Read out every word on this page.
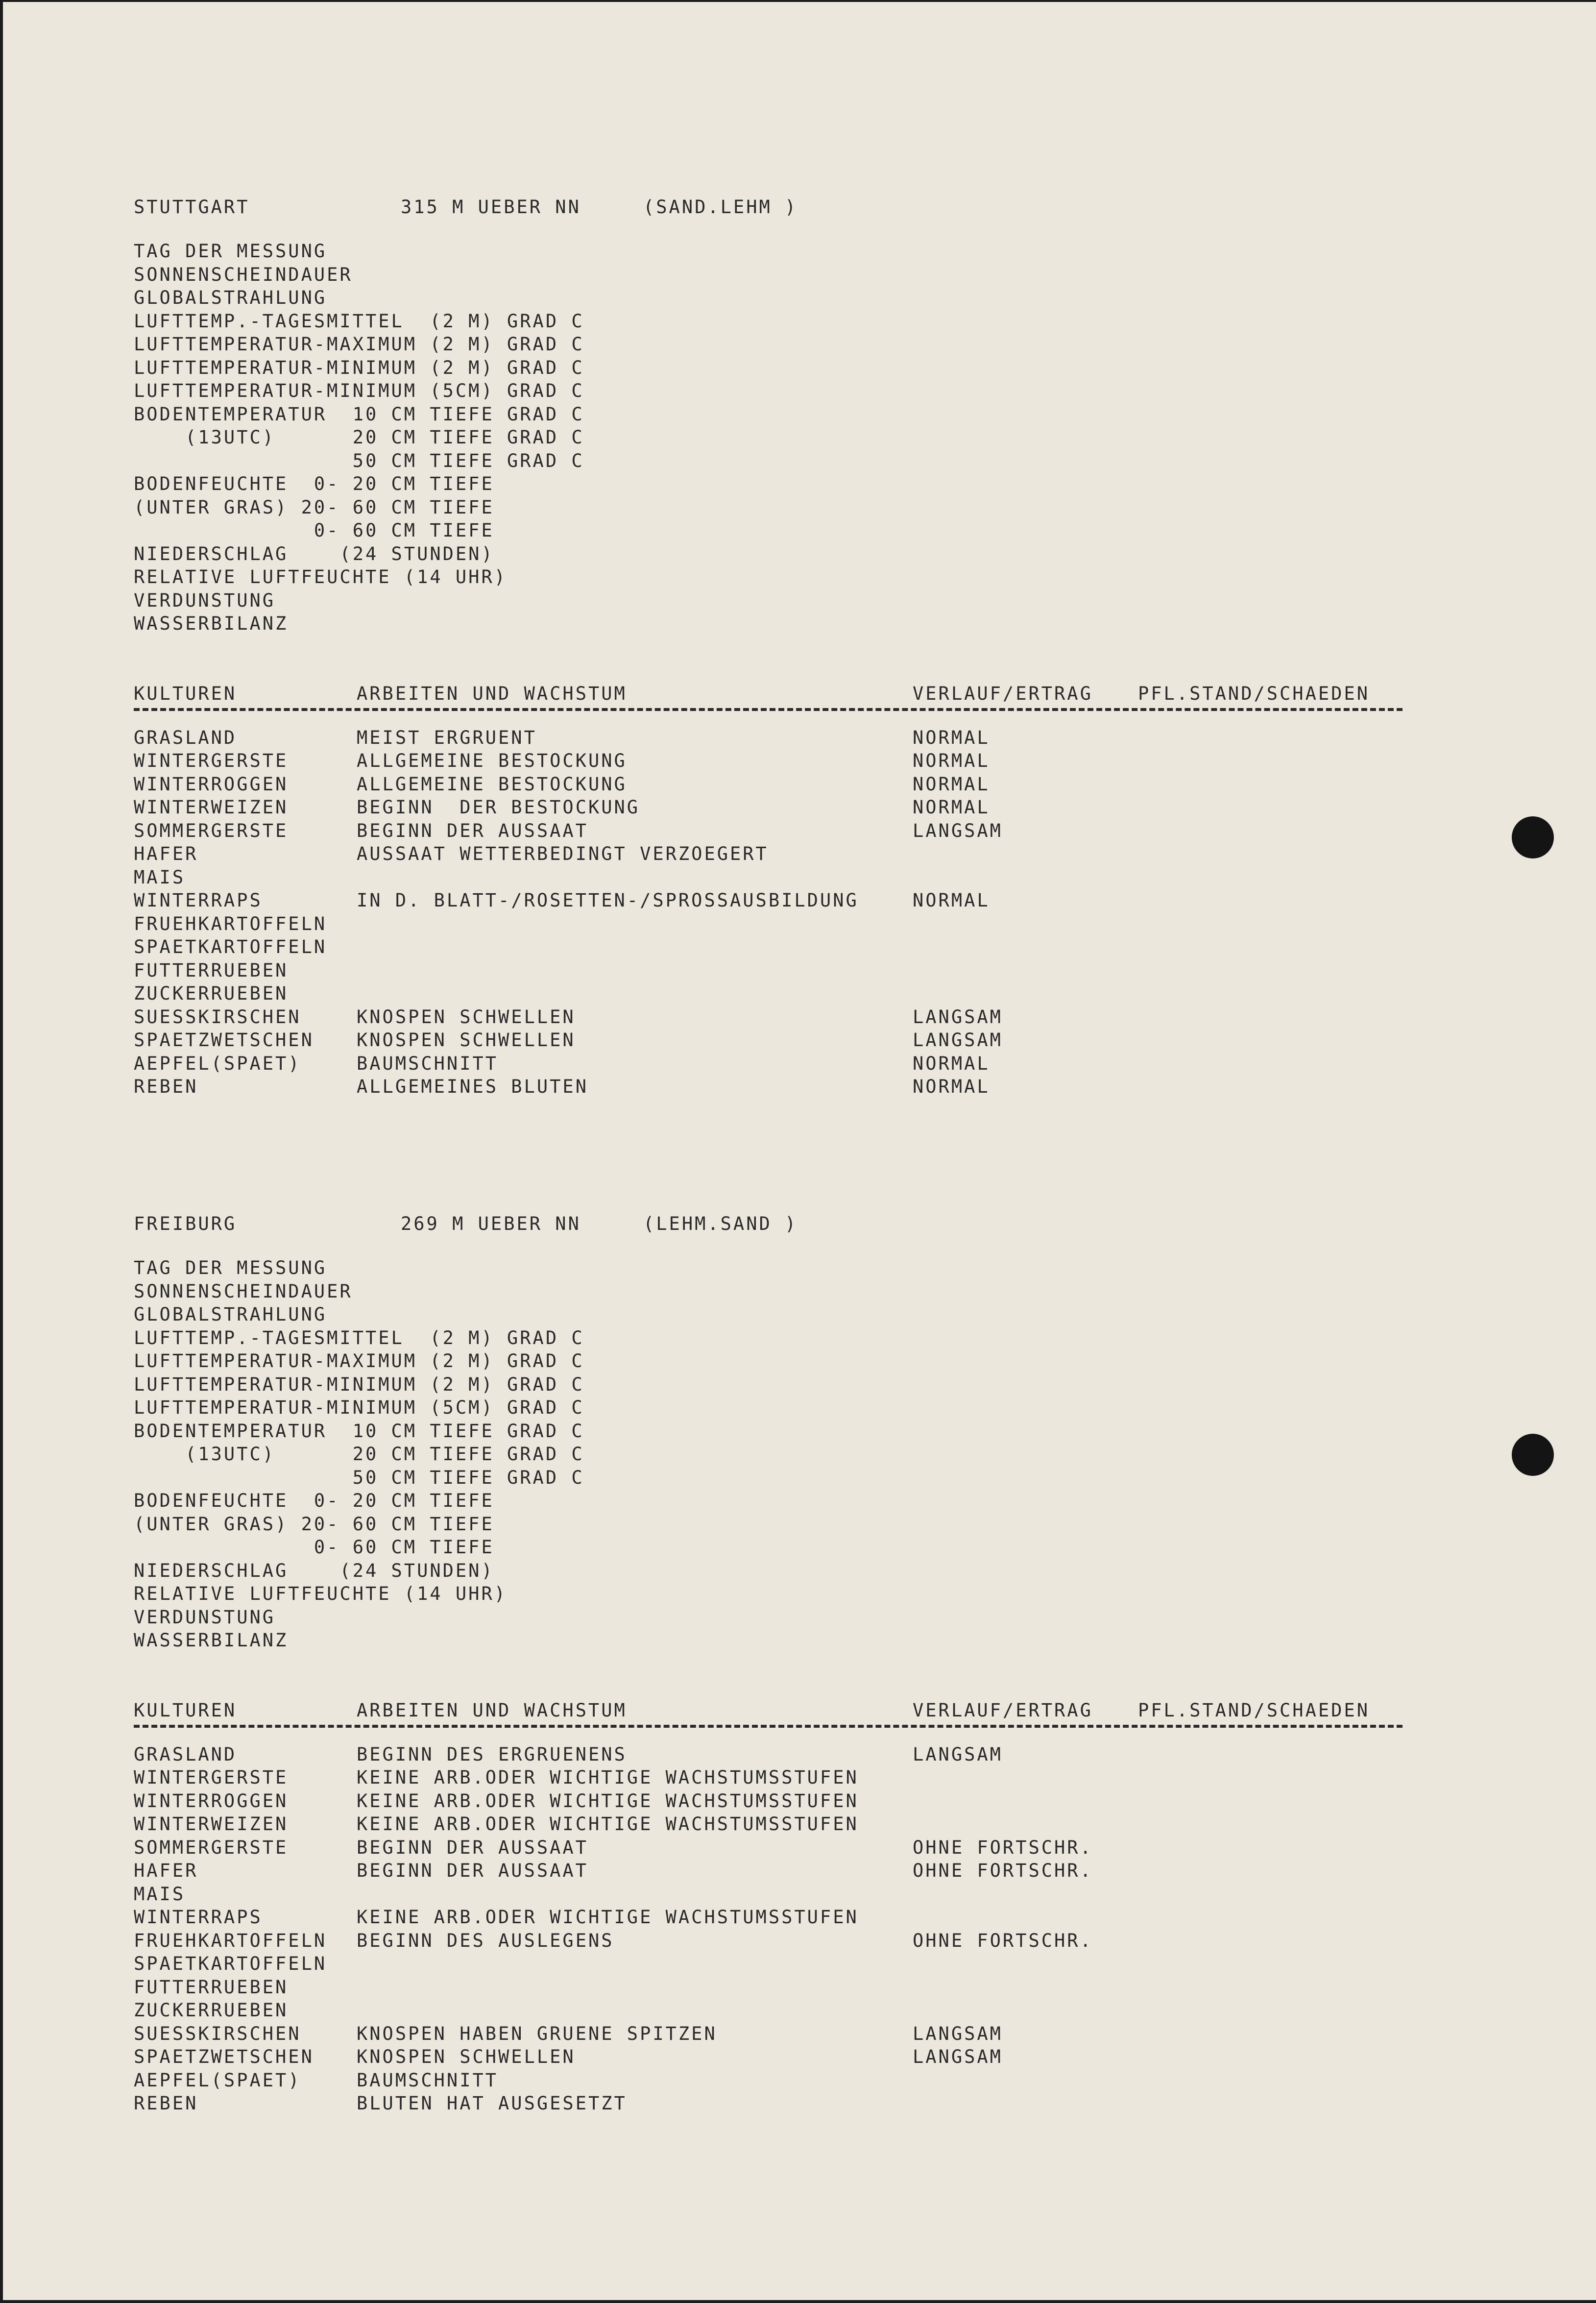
STUTTGART	315 M UEBER NN	(SAND.LEHM )
TAG DER MESSUNG
SONNENSCHEINDAUER
GLOBALSTRAHLUNG
LUFTTEMP.-TAGESMITTEL  (2 M) GRAD C
LUFTTEMPERATUR-MAXIMUM (2 M) GRAD C
LUFTTEMPERATUR-MINIMUM (2 M) GRAD C
LUFTTEMPERATUR-MINIMUM (5CM) GRAD C
BODENTEMPERATUR  10 CM TIEFE GRAD C
(13UTC)      20 CM TIEFE GRAD C
50 CM TIEFE GRAD C
BODENFEUCHTE  0- 20 CM TIEFE
(UNTER GRAS) 20- 60 CM TIEFE
0- 60 CM TIEFE
NIEDERSCHLAG    (24 STUNDEN)
RELATIVE LUFTFEUCHTE (14 UHR)
VERDUNSTUNG
WASSERBILANZ
KULTUREN	ARBEITEN UND WACHSTUM	VERLAUF/ERTRAG PFL.STAND/SCHAEDEN
GRASLAND	MEIST ERGRUENT	NORMAL
WINTERGERSTE	ALLGEMEINE BESTOCKUNG	NORMAL
WINTERROGGEN	ALLGEMEINE BESTOCKUNG	NORMAL
WINTERWEIZEN	BEGINN  DER BESTOCKUNG	NORMAL
SOMMERGERSTE	BEGINN DER AUSSAAT	LANGSAM
HAFER	AUSSAAT WETTERBEDINGT VERZOEGERT
MAIS
WINTERRAPS	IN D. BLATT-/ROSETTEN-/SPROSSAUSBILDUNG	NORMAL
FRUEHKARTOFFELN
SPAETKARTOFFELN
FUTTERRUEBEN
ZUCKERRUEBEN
SUESSKIRSCHEN	KNOSPEN SCHWELLEN	LANGSAM
SPAETZWETSCHEN KNOSPEN SCHWELLEN	LANGSAM
AEPFEL(SPAET)	BAUMSCHNITT	NORMAL
REBEN	ALLGEMEINES BLUTEN	NORMAL
FREIBURG	269 M UEBER NN	(LEHM.SAND )
TAG DER MESSUNG
SONNENSCHEINDAUER
GLOBALSTRAHLUNG
LUFTTEMP.-TAGESMITTEL  (2 M) GRAD C
LUFTTEMPERATUR-MAXIMUM (2 M) GRAD C
LUFTTEMPERATUR-MINIMUM (2 M) GRAD C
LUFTTEMPERATUR-MINIMUM (5CM) GRAD C
BODENTEMPERATUR  10 CM TIEFE GRAD C
(13UTC)      20 CM TIEFE GRAD C
50 CM TIEFE GRAD C
BODENFEUCHTE  0- 20 CM TIEFE
(UNTER GRAS) 20- 60 CM TIEFE
0- 60 CM TIEFE
NIEDERSCHLAG    (24 STUNDEN)
RELATIVE LUFTFEUCHTE (14 UHR)
VERDUNSTUNG
WASSERBILANZ
KULTUREN	ARBEITEN UND WACHSTUM	VERLAUF/ERTRAG PFL.STAND/SCHAEDEN
GRASLAND	BEGINN DES ERGRUENENS	LANGSAM
WINTERGERSTE	KEINE ARB.ODER WICHTIGE WACHSTUMSSTUFEN
WINTERROGGEN	KEINE ARB.ODER WICHTIGE WACHSTUMSSTUFEN
WINTERWEIZEN	KEINE ARB.ODER WICHTIGE WACHSTUMSSTUFEN
SOMMERGERSTE	BEGINN DER AUSSAAT	OHNE FORTSCHR.
HAFER	BEGINN DER AUSSAAT	OHNE FORTSCHR.
MAIS
WINTERRAPS	KEINE ARB.ODER WICHTIGE WACHSTUMSSTUFEN
FRUEHKARTOFFELN BEGINN DES AUSLEGENS	OHNE FORTSCHR.
SPAETKARTOFFELN
FUTTERRUEBEN
ZUCKERRUEBEN
SUESSKIRSCHEN	KNOSPEN HABEN GRUENE SPITZEN	LANGSAM
SPAETZWETSCHEN KNOSPEN SCHWELLEN	LANGSAM
AEPFEL(SPAET)	BAUMSCHNITT
REBEN	BLUTEN HAT AUSGESETZT
